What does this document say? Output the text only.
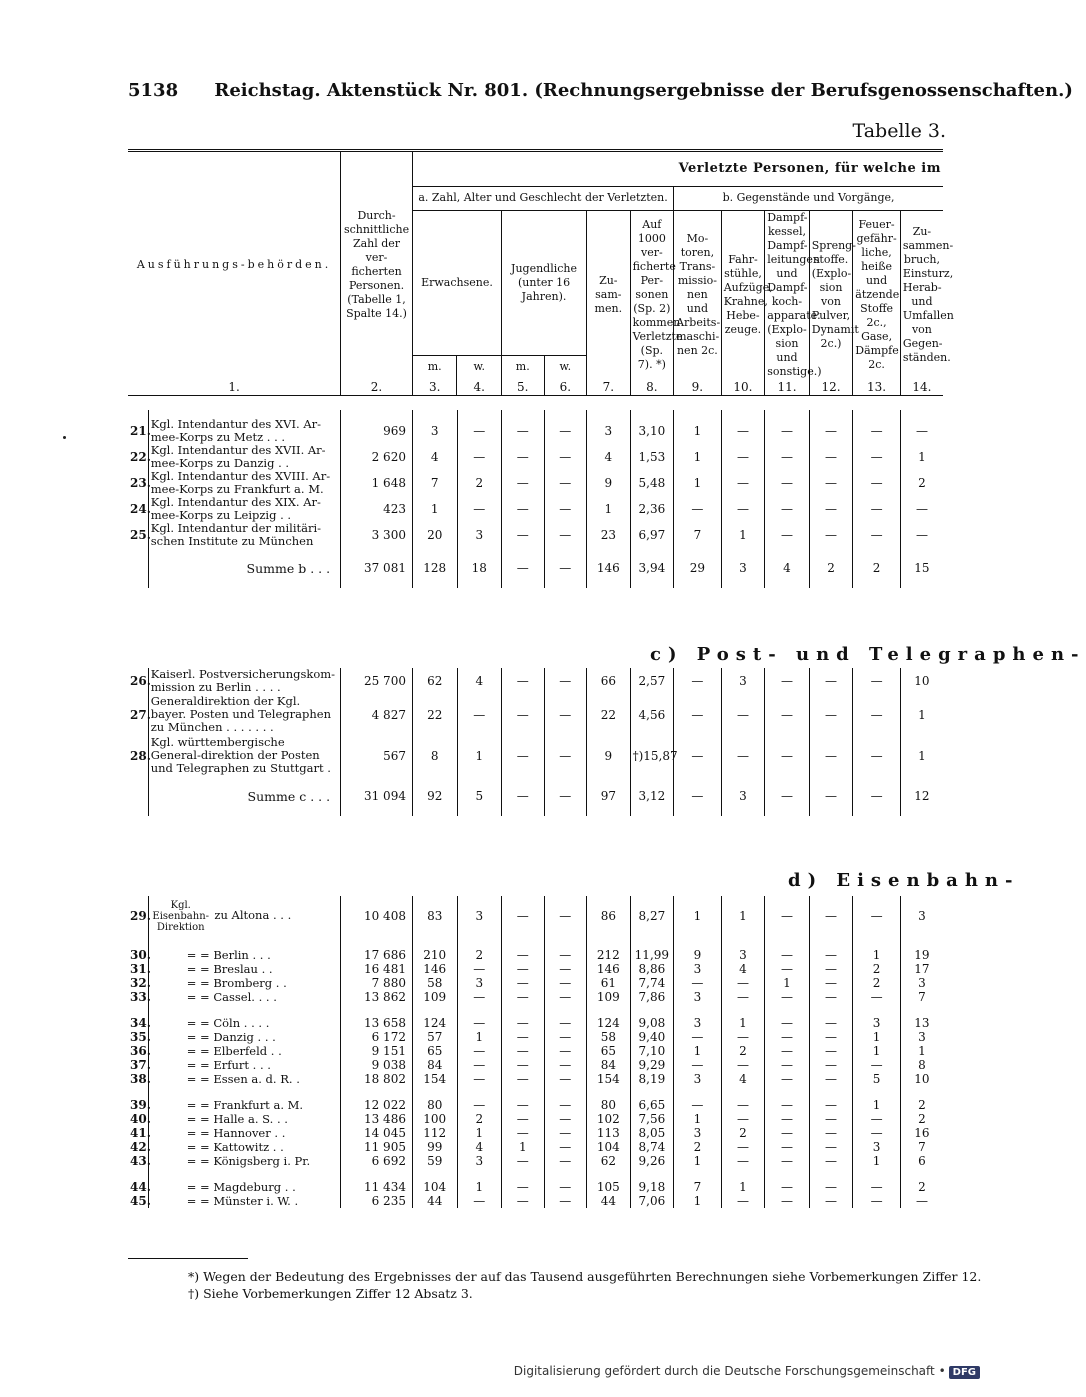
5138 Reichstag. Aktenstück Nr. 801. (Rechnungsergebnisse der Berufsgenossenschaften.)
Tabelle 3.
Ausführungs-behörden.	Durch-schnittliche Zahl der ver-ficherten Personen. (Tabelle 1, Spalte 14.)	Verletzte Personen, für welche im											
		a. Zahl, Alter und Geschlecht der Verletzten.						b. Gegenstände und Vorgänge,					
		Erwachsene.		Jugendliche (unter 16 Jahren).		Zu-sam-men.	Auf 1000 ver-ficherte Per-sonen (Sp. 2) kommen Verletzte (Sp. 7). *)	Mo-toren, Trans-missio-nen und Arbeits-maschi-nen 2c.	Fahr-stühle, Aufzüge, Krahne, Hebe-zeuge.	Dampf-kessel, Dampf-leitungen und Dampf-koch-apparate. (Explo-sion und sonstige.)	Spreng-stoffe. (Explo-sion von Pulver, Dynamit 2c.)	Feuer-gefähr-liche, heiße und ätzende Stoffe 2c., Gase, Dämpfe 2c.	Zu-sammen-bruch, Einsturz, Herab-und Umfallen von Gegen-ständen.
		m.	w.	m.	w.								
1.	2.	3.	4.	5.	6.	7.	8.	9.	10.	11.	12.	13.	14.

21.	Kgl. Intendantur des XVI. Ar-mee-Korps zu Metz . . .	969	3	—	—	—	3	3,10	1	—	—	—	—	—
22.	Kgl. Intendantur des XVII. Ar-mee-Korps zu Danzig . .	2 620	4	—	—	—	4	1,53	1	—	—	—	—	1
23.	Kgl. Intendantur des XVIII. Ar-mee-Korps zu Frankfurt a. M.	1 648	7	2	—	—	9	5,48	1	—	—	—	—	2
24.	Kgl. Intendantur des XIX. Ar-mee-Korps zu Leipzig . .	423	1	—	—	—	1	2,36	—	—	—	—	—	—
25.	Kgl. Intendantur der militäri-schen Institute zu München	3 300	20	3	—	—	23	6,97	7	1	—	—	—	—
	Summe b . . .	37 081	128	18	—	—	146	3,94	29	3	4	2	2	15
c) Post- und Telegraphen-
26.	Kaiserl. Postversicherungskom-mission zu Berlin . . . .	25 700	62	4	—	—	66	2,57	—	3	—	—	—	10
27.	Generaldirektion der Kgl. bayer. Posten und Telegraphen zu München . . . . . . .	4 827	22	—	—	—	22	4,56	—	—	—	—	—	1
28.	Kgl. württembergische General-direktion der Posten und Telegraphen zu Stuttgart .	567	8	1	—	—	9	†)15,87	—	—	—	—	—	1
	Summe c . . .	31 094	92	5	—	—	97	3,12	—	3	—	—	—	12
d) Eisenbahn-
29.	Kgl. Eisenbahn-Direktion zu Altona . . .	10 408	83	3	—	—	86	8,27	1	1	—	—	—	3

30.	= = Berlin . . .	17 686	210	2	—	—	212	11,99	9	3	—	—	1	19
31.	= = Breslau . .	16 481	146	—	—	—	146	8,86	3	4	—	—	2	17
32.	= = Bromberg . .	7 880	58	3	—	—	61	7,74	—	—	1	—	2	3
33.	= = Cassel. . . .	13 862	109	—	—	—	109	7,86	3	—	—	—	—	7

34.	= = Cöln . . . .	13 658	124	—	—	—	124	9,08	3	1	—	—	3	13
35.	= = Danzig . . .	6 172	57	1	—	—	58	9,40	—	—	—	—	1	3
36.	= = Elberfeld . .	9 151	65	—	—	—	65	7,10	1	2	—	—	1	1
37.	= = Erfurt . . .	9 038	84	—	—	—	84	9,29	—	—	—	—	—	8
38.	= = Essen a. d. R. .	18 802	154	—	—	—	154	8,19	3	4	—	—	5	10

39.	= = Frankfurt a. M.	12 022	80	—	—	—	80	6,65	—	—	—	—	1	2
40.	= = Halle a. S. . .	13 486	100	2	—	—	102	7,56	1	—	—	—	—	2
41.	= = Hannover . .	14 045	112	1	—	—	113	8,05	3	2	—	—	—	16
42.	= = Kattowitz . .	11 905	99	4	1	—	104	8,74	2	—	—	—	3	7
43.	= = Königsberg i. Pr.	6 692	59	3	—	—	62	9,26	1	—	—	—	1	6

44.	= = Magdeburg . .	11 434	104	1	—	—	105	9,18	7	1	—	—	—	2
45.	= = Münster i. W. .	6 235	44	—	—	—	44	7,06	1	—	—	—	—	—
*) Wegen der Bedeutung des Ergebnisses der auf das Tausend ausgeführten Berechnungen siehe Vorbemerkungen Ziffer 12.
†) Siehe Vorbemerkungen Ziffer 12 Absatz 3.
Digitalisierung gefördert durch die Deutsche Forschungsgemeinschaft • DFG
